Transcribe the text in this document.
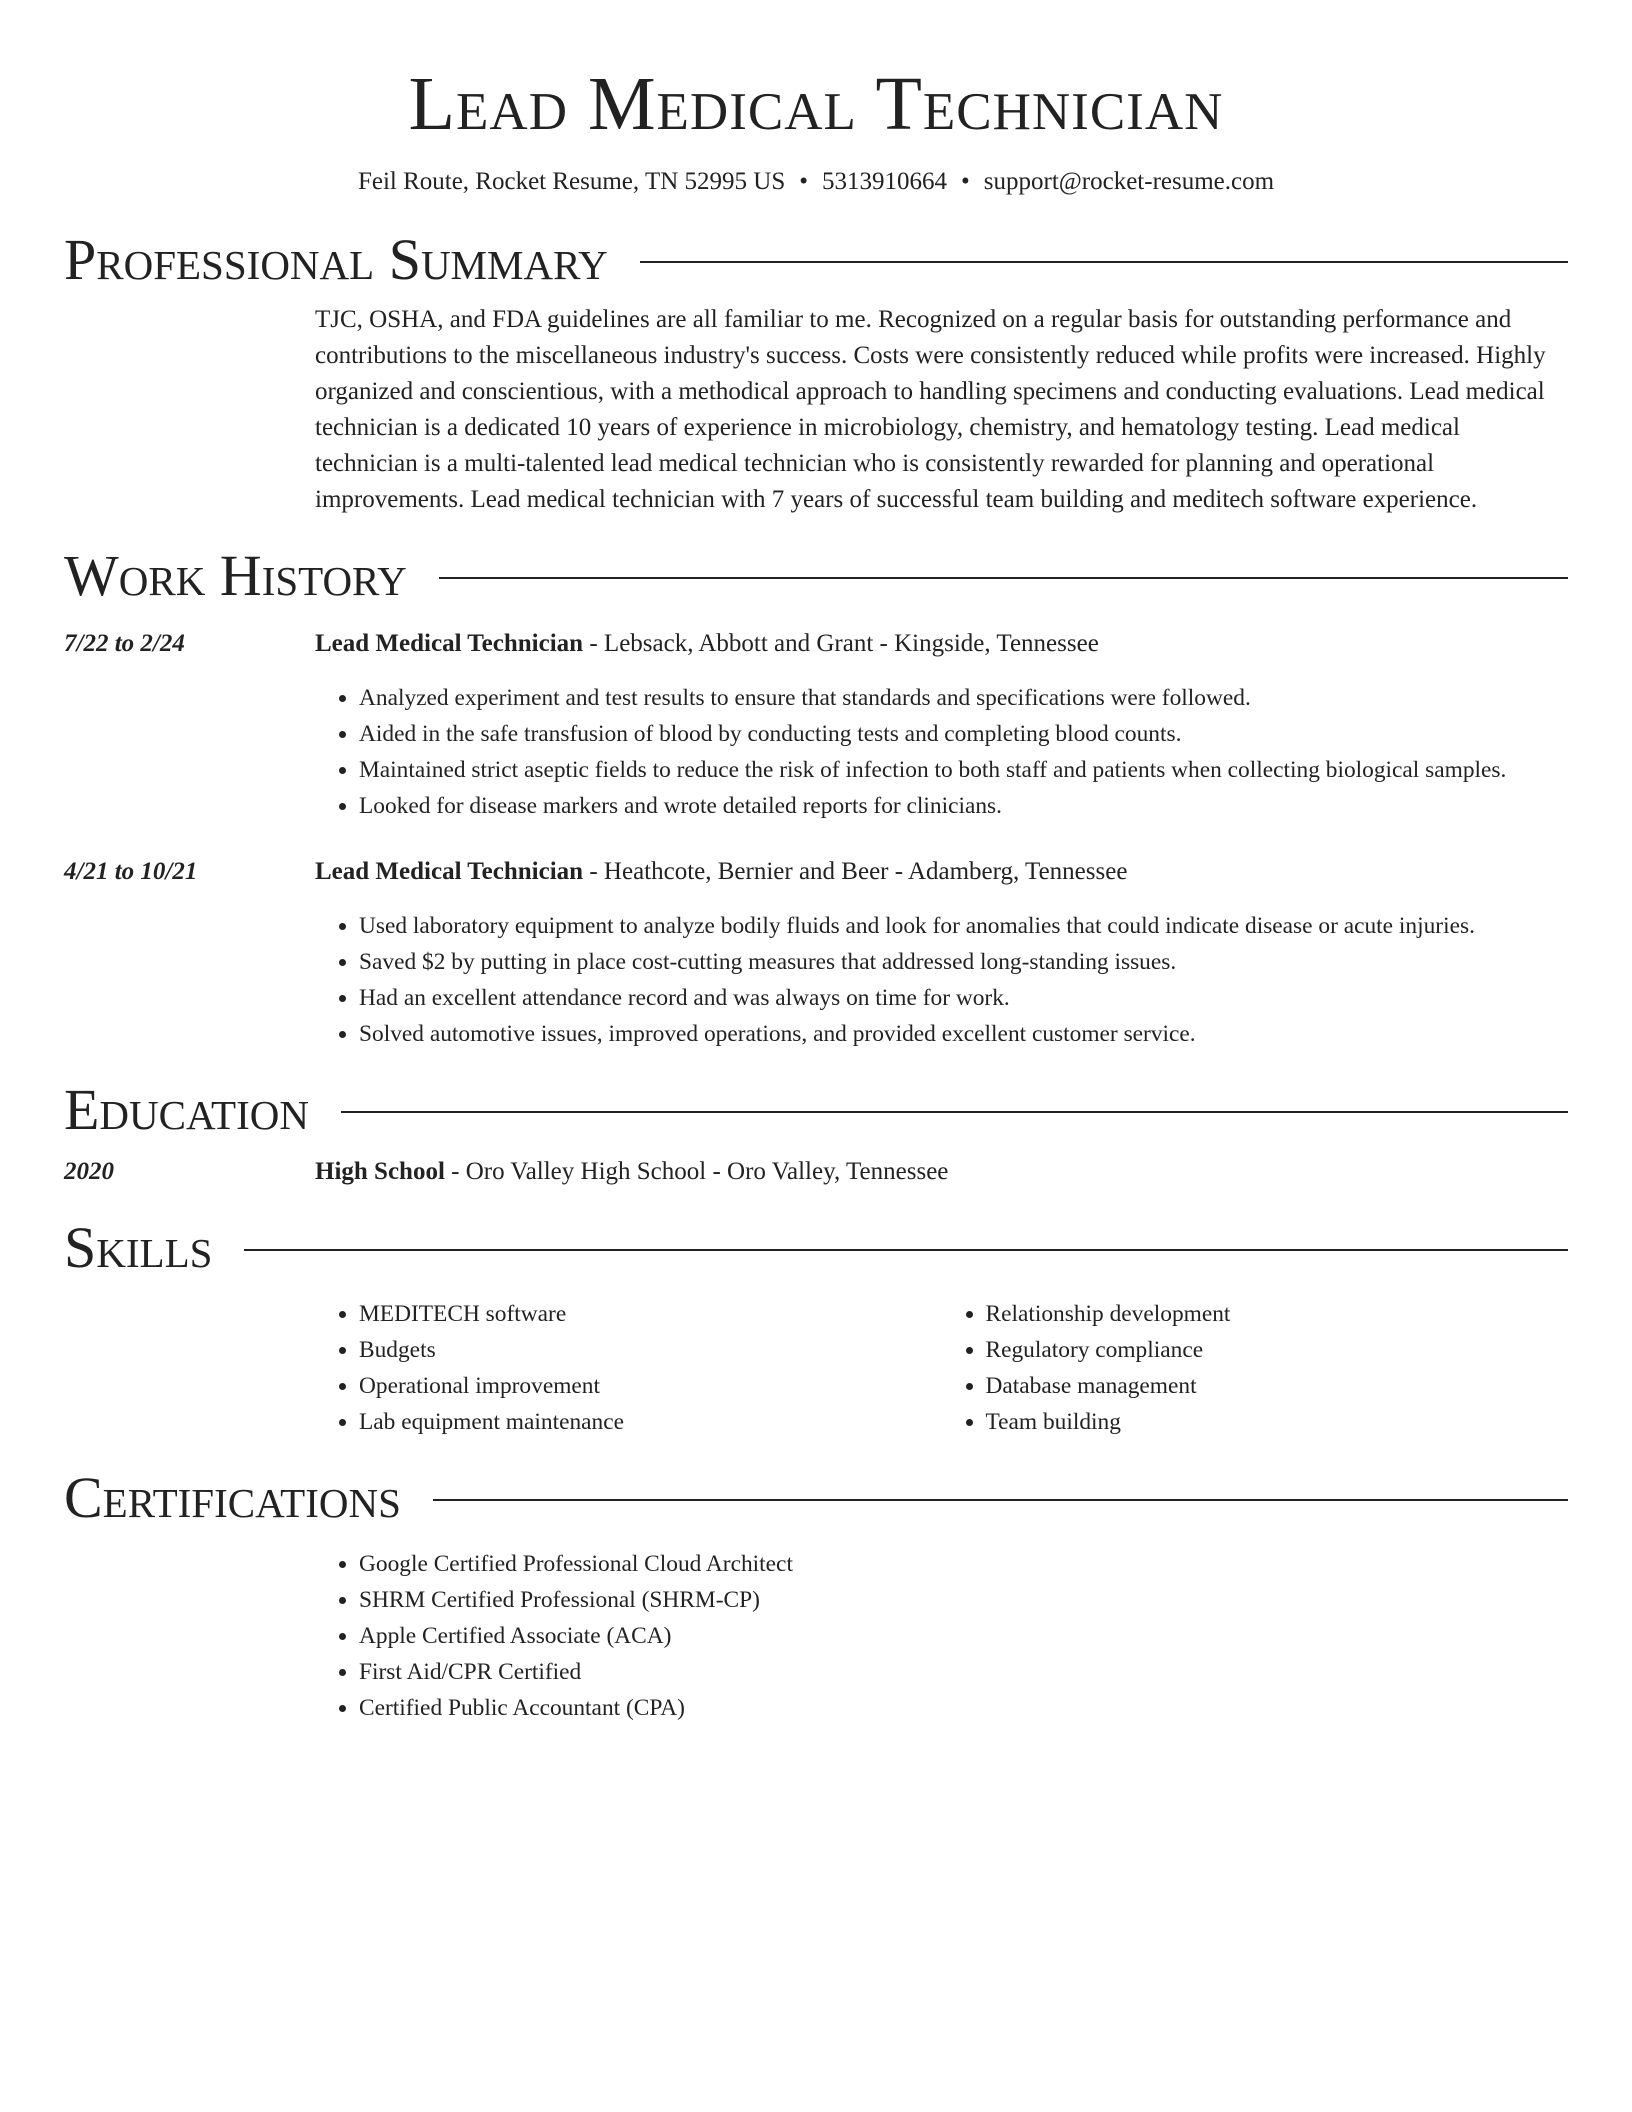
Lead Medical Technician
Feil Route, Rocket Resume, TN 52995 US • 5313910664 • support@rocket-resume.com
Professional Summary
TJC, OSHA, and FDA guidelines are all familiar to me. Recognized on a regular basis for outstanding performance and contributions to the miscellaneous industry's success. Costs were consistently reduced while profits were increased. Highly organized and conscientious, with a methodical approach to handling specimens and conducting evaluations. Lead medical technician is a dedicated 10 years of experience in microbiology, chemistry, and hematology testing. Lead medical technician is a multi-talented lead medical technician who is consistently rewarded for planning and operational improvements. Lead medical technician with 7 years of successful team building and meditech software experience.
Work History
7/22 to 2/24	Lead Medical Technician - Lebsack, Abbott and Grant - Kingside, Tennessee
• Analyzed experiment and test results to ensure that standards and specifications were followed.
• Aided in the safe transfusion of blood by conducting tests and completing blood counts.
• Maintained strict aseptic fields to reduce the risk of infection to both staff and patients when collecting biological samples.
• Looked for disease markers and wrote detailed reports for clinicians.
4/21 to 10/21	Lead Medical Technician - Heathcote, Bernier and Beer - Adamberg, Tennessee
• Used laboratory equipment to analyze bodily fluids and look for anomalies that could indicate disease or acute injuries.
• Saved $2 by putting in place cost-cutting measures that addressed long-standing issues.
• Had an excellent attendance record and was always on time for work.
• Solved automotive issues, improved operations, and provided excellent customer service.
Education
2020	High School - Oro Valley High School - Oro Valley, Tennessee
Skills
• MEDITECH software
• Budgets
• Operational improvement
• Lab equipment maintenance
• Relationship development
• Regulatory compliance
• Database management
• Team building
Certifications
• Google Certified Professional Cloud Architect
• SHRM Certified Professional (SHRM-CP)
• Apple Certified Associate (ACA)
• First Aid/CPR Certified
• Certified Public Accountant (CPA)
